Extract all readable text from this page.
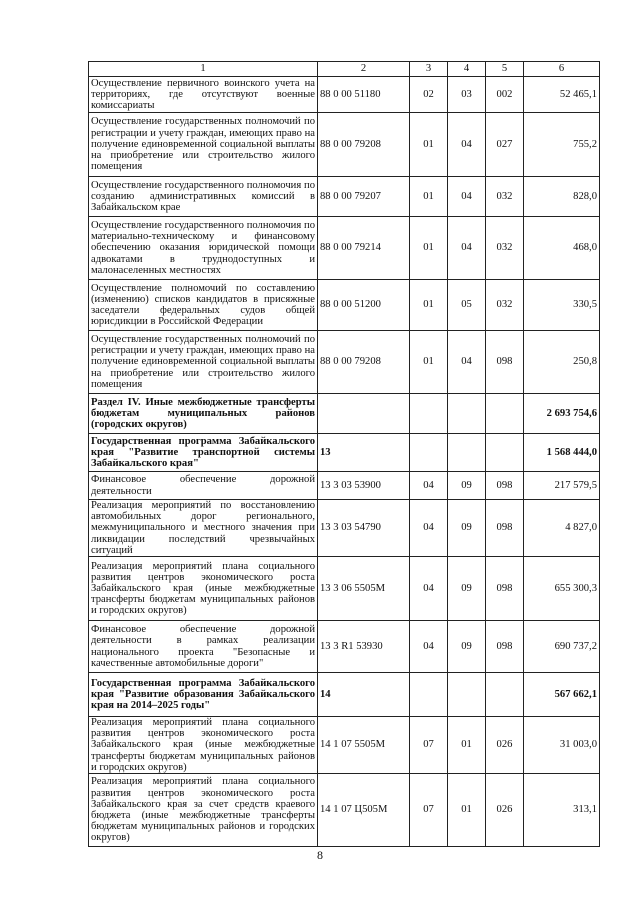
1	2	3	4	5	6
Осуществление первичного воинского учета на территориях, где отсутствуют военные комиссариаты	88 0 00 51180	02	03	002	52 465,1
Осуществление государственных полномочий по регистрации и учету граждан, имеющих право на получение единовременной социальной выплаты на приобретение или строительство жилого помещения	88 0 00 79208	01	04	027	755,2
Осуществление государственного полномочия по созданию административных комиссий в Забайкальском крае	88 0 00 79207	01	04	032	828,0
Осуществление государственного полномочия по материально-техническому и финансовому обеспечению оказания юридической помощи адвокатами в труднодоступных и малонаселенных местностях	88 0 00 79214	01	04	032	468,0
Осуществление полномочий по составлению (изменению) списков кандидатов в присяжные заседатели федеральных судов общей юрисдикции в Российской Федерации	88 0 00 51200	01	05	032	330,5
Осуществление государственных полномочий по регистрации и учету граждан, имеющих право на получение единовременной социальной выплаты на приобретение или строительство жилого помещения	88 0 00 79208	01	04	098	250,8
Раздел IV. Иные межбюджетные трансферты бюджетам муниципальных районов (городских округов)					2 693 754,6
Государственная программа Забайкальского края "Развитие транспортной системы Забайкальского края"	13				1 568 444,0
Финансовое обеспечение дорожной деятельности	13 3 03 53900	04	09	098	217 579,5
Реализация мероприятий по восстановлению автомобильных дорог регионального, межмуниципального и местного значения при ликвидации последствий чрезвычайных ситуаций	13 3 03 54790	04	09	098	4 827,0
Реализация мероприятий плана социального развития центров экономического роста Забайкальского края (иные межбюджетные трансферты бюджетам муниципальных районов и городских округов)	13 3 06 5505М	04	09	098	655 300,3
Финансовое обеспечение дорожной деятельности в рамках реализации национального проекта "Безопасные и качественные автомобильные дороги"	13 3 R1 53930	04	09	098	690 737,2
Государственная программа Забайкальского края "Развитие образования Забайкальского края на 2014–2025 годы"	14				567 662,1
Реализация мероприятий плана социального развития центров экономического роста Забайкальского края (иные межбюджетные трансферты бюджетам муниципальных районов и городских округов)	14 1 07 5505М	07	01	026	31 003,0
Реализация мероприятий плана социального развития центров экономического роста Забайкальского края за счет средств краевого бюджета (иные межбюджетные трансферты бюджетам муниципальных районов и городских округов)	14 1 07 Ц505М	07	01	026	313,1
8
